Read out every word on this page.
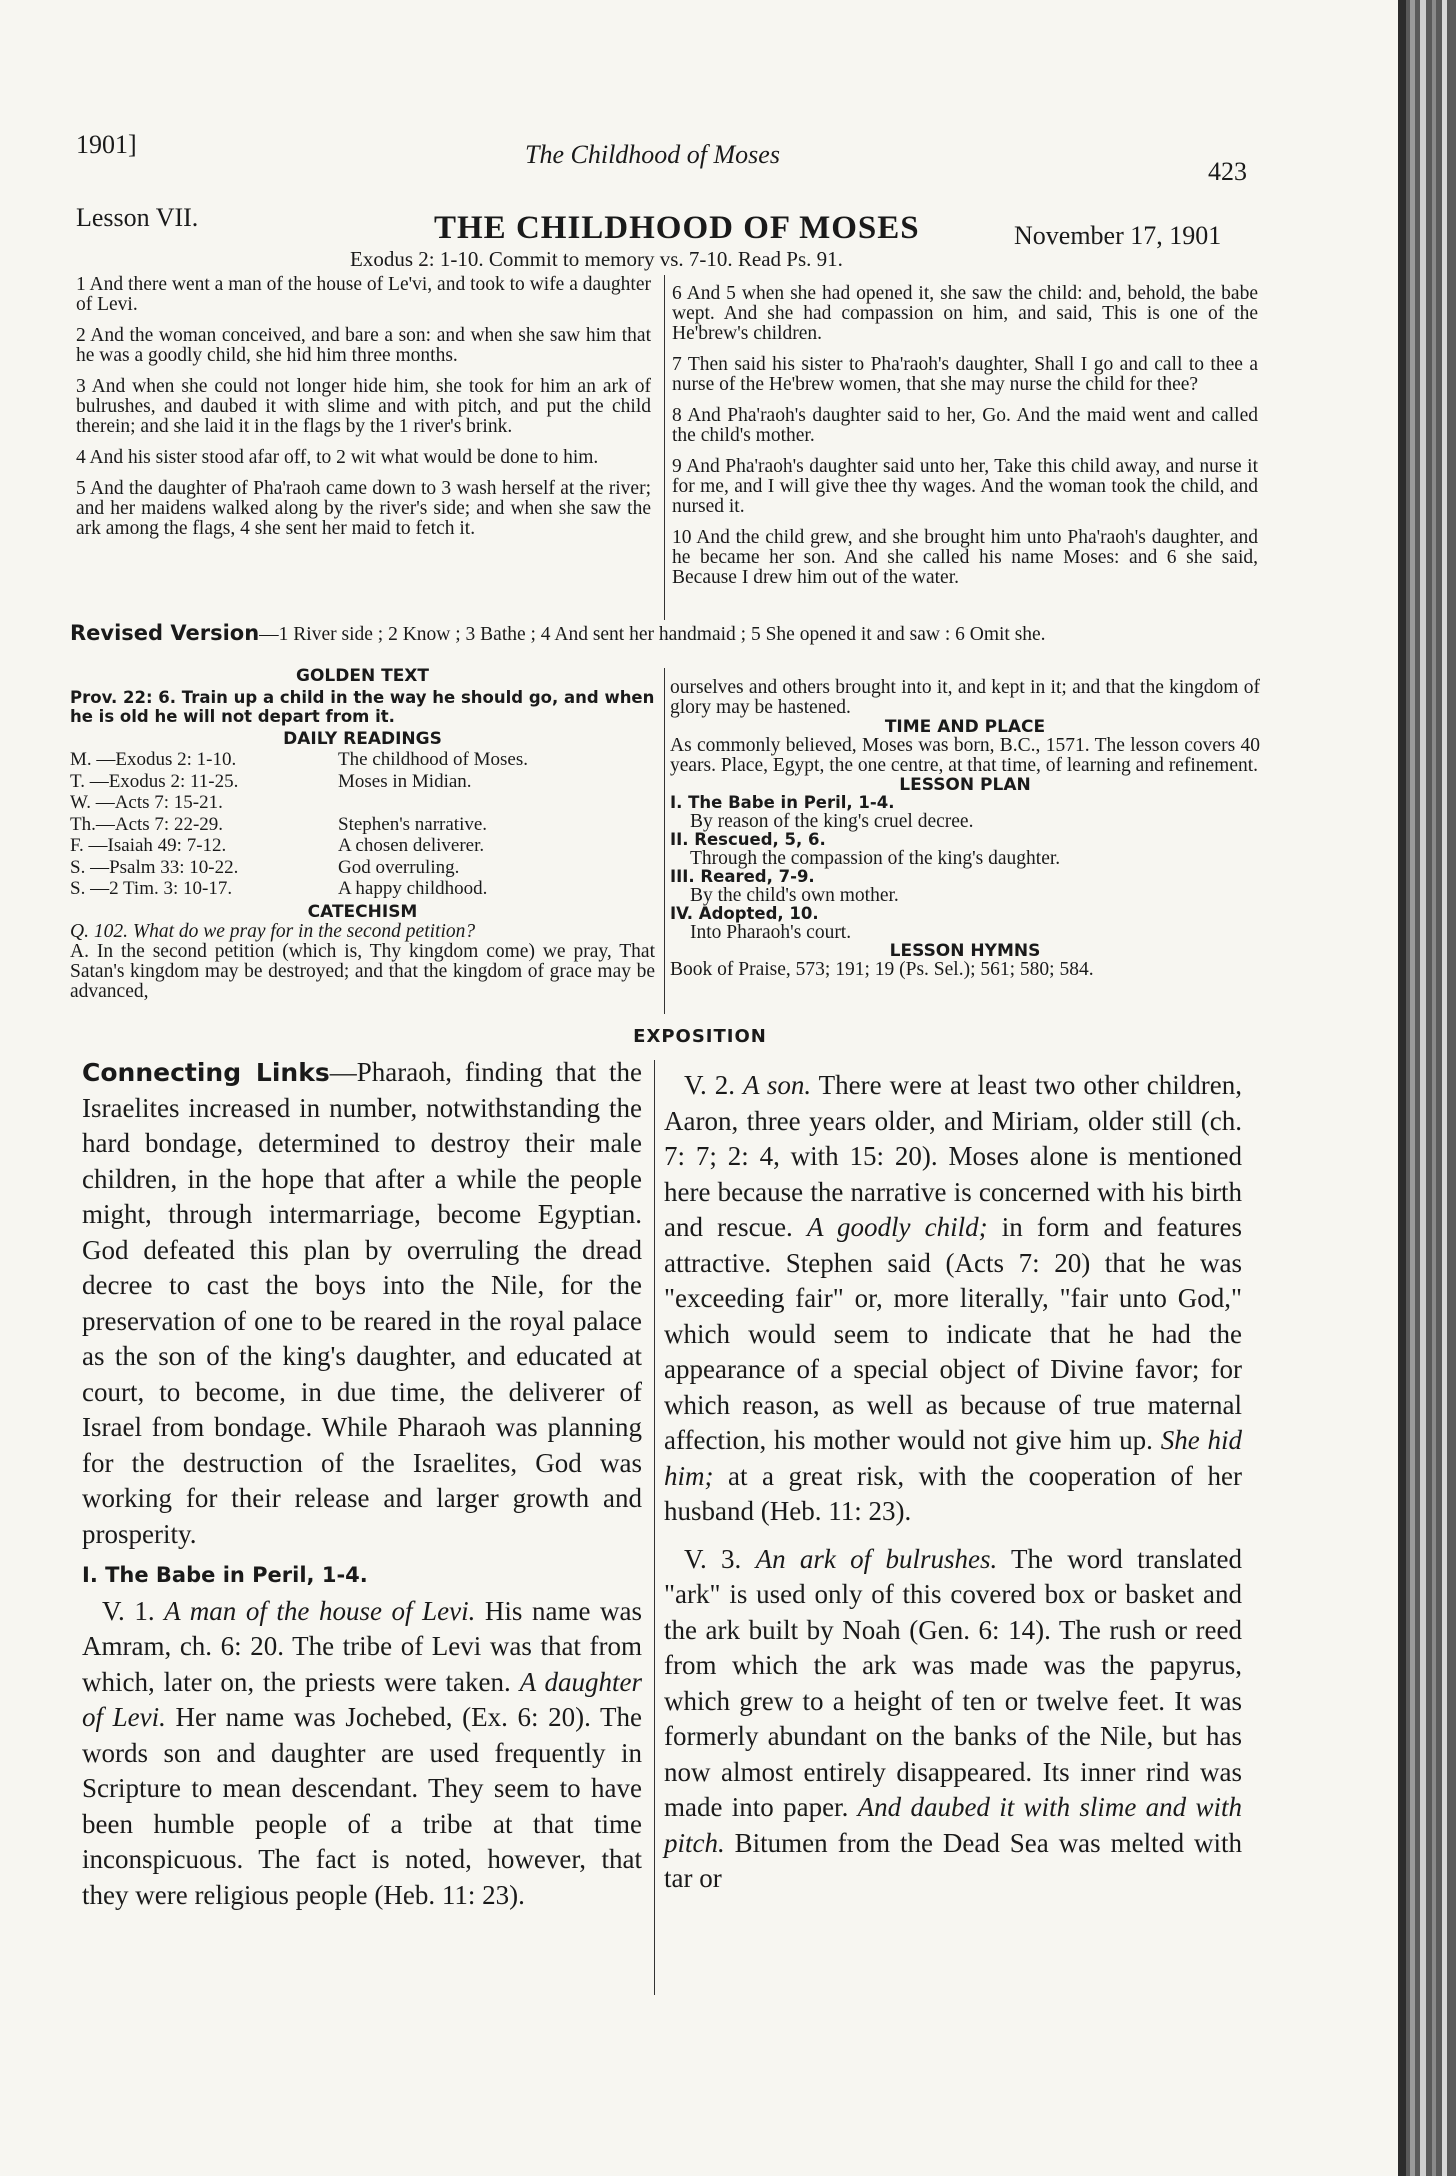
1901]	The Childhood of Moses
423
Lesson VII.	THE CHILDHOOD OF MOSES	November 17, 1901
Exodus 2: 1-10. Commit to memory vs. 7-10. Read Ps. 91.

1 And there went a man of the house of Le'vi, and took to wife a daughter of Levi.

2 And the woman conceived, and bare a son: and when she saw him that he was a goodly child, she hid him three months.

3 And when she could not longer hide him, she took for him an ark of bulrushes, and daubed it with slime and with pitch, and put the child therein; and she laid it in the flags by the 1 river's brink.

4 And his sister stood afar off, to 2 wit what would be done to him.

5 And the daughter of Pha'raoh came down to 3 wash herself at the river; and her maidens walked along by the river's side; and when she saw the ark among the flags, 4 she sent her maid to fetch it.

6 And 5 when she had opened it, she saw the child: and, behold, the babe wept. And she had compassion on him, and said, This is one of the He'brew's children.

7 Then said his sister to Pha'raoh's daughter, Shall I go and call to thee a nurse of the He'brew women, that she may nurse the child for thee?

8 And Pha'raoh's daughter said to her, Go. And the maid went and called the child's mother.

9 And Pha'raoh's daughter said unto her, Take this child away, and nurse it for me, and I will give thee thy wages. And the woman took the child, and nursed it.

10 And the child grew, and she brought him unto Pha'raoh's daughter, and he became her son. And she called his name Moses: and 6 she said, Because I drew him out of the water.

Revised Version—1 River side ; 2 Know ; 3 Bathe ; 4 And sent her handmaid ; 5 She opened it and saw : 6 Omit she.
GOLDEN TEXT
Prov. 22: 6. Train up a child in the way he should go, and when he is old he will not depart from it.
DAILY READINGS
M. —Exodus 2: 1-10.	The childhood of Moses.
T. —Exodus 2: 11-25.	Moses in Midian.
W. —Acts 7: 15-21.
Th.—Acts 7: 22-29.	Stephen's narrative.
F. —Isaiah 49: 7-12.	A chosen deliverer.
S. —Psalm 33: 10-22.	God overruling.
S. —2 Tim. 3: 10-17.	A happy childhood.
CATECHISM
Q. 102. What do we pray for in the second petition?
A. In the second petition (which is, Thy kingdom come) we pray, That Satan's kingdom may be destroyed; and that the kingdom of grace may be advanced,
ourselves and others brought into it, and kept in it; and that the kingdom of glory may be hastened.
TIME AND PLACE
As commonly believed, Moses was born, B.C., 1571. The lesson covers 40 years. Place, Egypt, the one centre, at that time, of learning and refinement.
LESSON PLAN
I. The Babe in Peril, 1-4.
By reason of the king's cruel decree.
II. Rescued, 5, 6.
Through the compassion of the king's daughter.
III. Reared, 7-9.
By the child's own mother.
IV. Adopted, 10.
Into Pharaoh's court.
LESSON HYMNS
Book of Praise, 573; 191; 19 (Ps. Sel.); 561; 580; 584.
EXPOSITION

Connecting Links—Pharaoh, finding that the Israelites increased in number, notwithstanding the hard bondage, determined to destroy their male children, in the hope that after a while the people might, through intermarriage, become Egyptian. God defeated this plan by overruling the dread decree to cast the boys into the Nile, for the preservation of one to be reared in the royal palace as the son of the king's daughter, and educated at court, to become, in due time, the deliverer of Israel from bondage. While Pharaoh was planning for the destruction of the Israelites, God was working for their release and larger growth and prosperity.

I. The Babe in Peril, 1-4.

V. 1. A man of the house of Levi. His name was Amram, ch. 6: 20. The tribe of Levi was that from which, later on, the priests were taken. A daughter of Levi. Her name was Jochebed, (Ex. 6: 20). The words son and daughter are used frequently in Scripture to mean descendant. They seem to have been humble people of a tribe at that time inconspicuous. The fact is noted, however, that they were religious people (Heb. 11: 23).

V. 2. A son. There were at least two other children, Aaron, three years older, and Miriam, older still (ch. 7: 7; 2: 4, with 15: 20). Moses alone is mentioned here because the narrative is concerned with his birth and rescue. A goodly child; in form and features attractive. Stephen said (Acts 7: 20) that he was "exceeding fair" or, more literally, "fair unto God," which would seem to indicate that he had the appearance of a special object of Divine favor; for which reason, as well as because of true maternal affection, his mother would not give him up. She hid him; at a great risk, with the cooperation of her husband (Heb. 11: 23).

V. 3. An ark of bulrushes. The word translated "ark" is used only of this covered box or basket and the ark built by Noah (Gen. 6: 14). The rush or reed from which the ark was made was the papyrus, which grew to a height of ten or twelve feet. It was formerly abundant on the banks of the Nile, but has now almost entirely disappeared. Its inner rind was made into paper. And daubed it with slime and with pitch. Bitumen from the Dead Sea was melted with tar or
